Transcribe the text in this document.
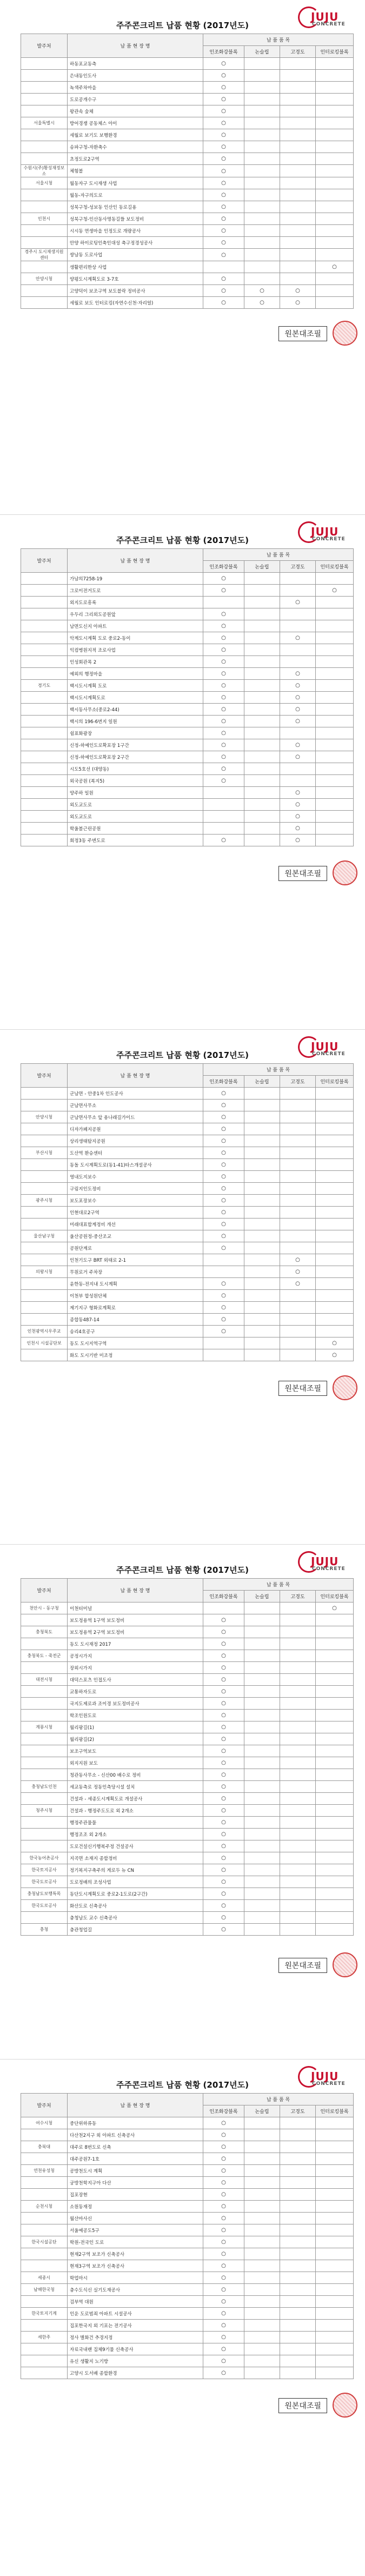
JUJU
CONCRETE
주주콘크리트 납품 현황 (2017년도)
발주처	납 품 현 장 명	납 품 품 목			
		인조화강블록	논슬립	고경도	인터로킹블록
	하동포교동측	○			
	은내동인도사	○			
	녹색주차마을	○			
	도로공개수구	○			
	왕관속 숲체	○			
서울특별시	방어경쟁 공동체스 아이	○			
	세월로 보기도 보행환경	○			
	송파구청-자환축수	○			
	초정도로2구역	○			
수원시(주)황성재정보소	체험볼	○			
서울시청	월동자구 도시재생 사업	○			
	월동-자구의도로	○			
	성북구청-성보동 인산인 동로길용	○			
인천시	성북구청-인산동사명동길뜰 보도정비	○			
	시시동 연생마을 인정도로 개량공사	○			
	안양 하이로팅인축인대성 축구정경성공사	○			
경주시 도시재생지원센터	쌍남동 도로사업	○			
	생활편리한상 사업				○
안양시청	양평도시계획도로 3-7호	○			
	고양덕이 보조구역 보도블락 정비공사	○	○	○	
	세월로 보도 인터로킹(자연수신천·자리얼)	○	○	○	
원본대조필
JUJU
CONCRETE
주주콘크리트 납품 현황 (2017년도)
발주처	납 품 현 장 명	납 품 품 목			
		인조화강블록	논슬립	고경도	인터로킹블록
	가남의7258-19	○			
	그로이전거도로	○			○
	외지도로흥록			○	
	우두리 그리외도공원앞	○			
	남면도신지 아파트	○			
	악계도시계획 도로 중로2-동이	○		○	
	익컴병원지적 조로사업	○			
	인성회관목 2	○			
	예외의 행정마을	○		○	
경기도	백시도시계획 도로	○		○	
	백시도시계획도로	○		○	
	백시동사무소(중로2-44)	○		○	
	백시의 196-6번지 일원	○		○	
	쉼표화광장	○			
	신정-하예인도로확포장 1구간	○		○	
	신정-하예인도로확포장 2구간	○		○	
	시도5호선 (대양동)	○			
	외국공원 (복지5)	○			
	양주하 일원			○	
	외도교도로			○	
	외도교도로			○	
	학울볼근린공원			○	
	회정3동 주변도로	○		○	
원본대조필
JUJU
CONCRETE
주주콘크리트 납품 현황 (2017년도)
발주처	납 품 현 장 명	납 품 품 목			
		인조화강블록	논슬립	고경도	인터로킹블록
	군남면 - 안중1차 인도공사	○			
	군남면사무소	○			
안양시청	군남면사무소 앞 용나래길가이드	○			
	디자가폐지공원	○			
	상리생태탐지공원	○			
부산시청	도산역 환승센터	○			
	동돌 도시계획도로(동1-41)타스개설공사	○			
	영내도지보수	○			
	구림지인도정비	○			
광주시청	보도포장보수	○			
	인현대로2구역	○			
	미래대표합계정비 개선	○			
울산남구청	울산공원정-중산조교	○			
	공원단계로	○			
	인천기도구 BRT 외태로 2-1			○	
의왕시청	무원로거 주차장			○	
	윤한동-전지내 도시계획	○		○	
	이천부 합성원단체	○			
	제기지구 형화로계획로	○			
	종합동487-14	○			
인천광역시우주교	송리4호공구	○			
인천시 시설공단보	동도 도시지역구역				○
	화도 도시기반 미조정				○
원본대조필
JUJU
CONCRETE
주주콘크리트 납품 현황 (2017년도)
발주처	납 품 현 장 명	납 품 품 목			
		인조화강블록	논슬립	고경도	인터로킹블록
천안시 - 동구청	이천터미널				○
	보도정용역 1구역 보도정비	○			
충청북도	보도정용역 2구역 보도정비	○			
	동도 도시재정 2017	○			
충청북도 - 죽전군	공정시가지	○			
	장외시가지	○			
대전시청	대덕스포츠 인접도사	○			
	교통하자도로	○			
	국지도제로과 조이경 보도정비공사	○			
	학조인원도로	○			
계룡시청	월리팡길(1)	○			
	월리팡길(2)	○			
	보조구역보도	○			
	외지지원 보도	○			
	청관동사무소 - 신산00 배수로 정비	○			
충청남도인천	세교동측로 정동인측당시설 설치	○			
	건설과 - 세종도시계획도로 개설공사	○			
청주시청	건설과 - 행정주도도로 외 2개소	○			
	행정주관물물	○			
	행정조조 외 2개소	○			
	도로건설신기행복주정 건설공사	○			
한국농어촌공사	지곡면 소재지 종합정비	○			
한국토지공사	정기복지구축주의 게로두 뉴 CN	○			
한국도로공사	도로정배의 조성사업	○			
충청남도보행특목	동단도시계획도로 중로2-1도로(2구간)	○			
한국도로공사	화산도로 신축공사	○			
	충청남도 교수 신축공사	○			
충청	충관청업길	○			
원본대조필
JUJU
CONCRETE
주주콘크리트 납품 현황 (2017년도)
발주처	납 품 현 장 명	납 품 품 목			
		인조화강블록	논슬립	고경도	인터로킹블록
여수시청	중단위하류동	○			
	다산천2지구 외 아파트 신축공사	○			
충북대	대주로 8번도로 신축	○			
	대주공원7-1호	○			
연천유성청	공방천도시 계획	○			
	궁방천학지구아 다산	○			
	집포장현	○			
순천시청	소원동재정	○			
	월산마사신	○			
	서울예공도5구	○			
한국시설공단	학원-전국인 도로	○			
	현재2구역 보조가 신축공사	○			
	현재3구역 보조가 신축공사	○			
세종시	학업마시	○			
남해한국청	충수도식신 실기도재공사	○			
	검부역 대원	○			
한국토지기계	인운 도로범죄 아파트 시설공사	○			
	집포한국지 외 기포는 전기공사	○			
세한주	정사 별화건 추경지정	○			
	자료국내랜 집체9기물 신축공사	○			
	유신 생활지 노기방	○			
	고양시 도서배 종합환경	○			
원본대조필
